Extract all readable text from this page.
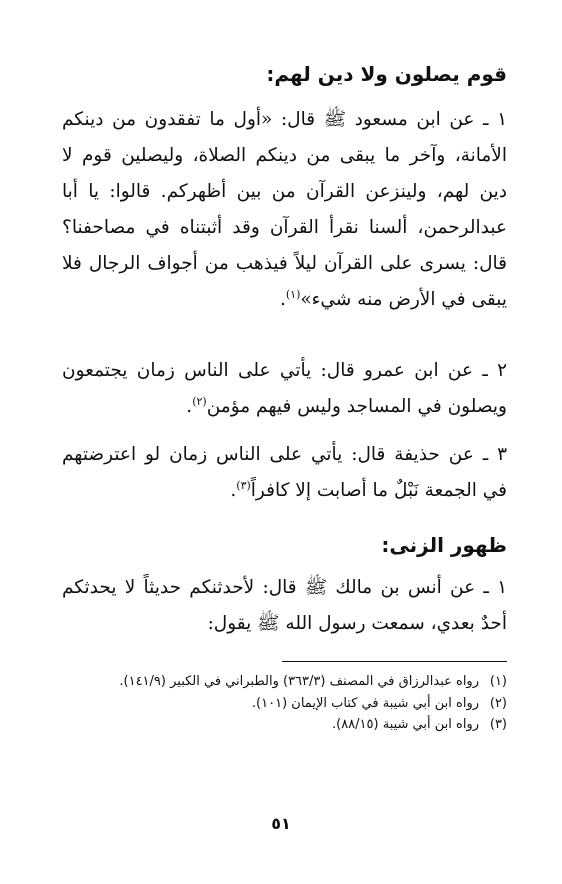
قوم يصلون ولا دين لهم:

١ ـ عن ابن مسعود ﷺ قال: «أول ما تفقدون من دينكم الأمانة، وآخر ما يبقى من دينكم الصلاة، وليصلين قوم لا دين لهم، ولينزعن القرآن من بين أظهركم. قالوا: يا أبا عبدالرحمن، ألسنا نقرأ القرآن وقد أثبتناه في مصاحفنا؟ قال: يسرى على القرآن ليلاً فيذهب من أجواف الرجال فلا يبقى في الأرض منه شيء»$^{(١)}$.

٢ ـ عن ابن عمرو قال: يأتي على الناس زمان يجتمعون ويصلون في المساجد وليس فيهم مؤمن$^{(٢)}$.

٣ ـ عن حذيفة قال: يأتي على الناس زمان لو اعترضتهم في الجمعة نَبْلٌ ما أصابت إلا كافراً$^{(٣)}$.

ظهور الزنى:

١ ـ عن أنس بن مالك ﷺ قال: لأحدثنكم حديثاً لا يحدثكم أحدٌ بعدي، سمعت رسول الله ﷺ يقول:

(١)
رواه عبدالرزاق في المصنف (٣٦٣/٣) والطبراني في الكبير (١٤١/٩).
(٢)
رواه ابن أبي شيبة في كتاب الإيمان (١٠١).
(٣)
رواه ابن أبي شيبة (٨٨/١٥).
٥١
